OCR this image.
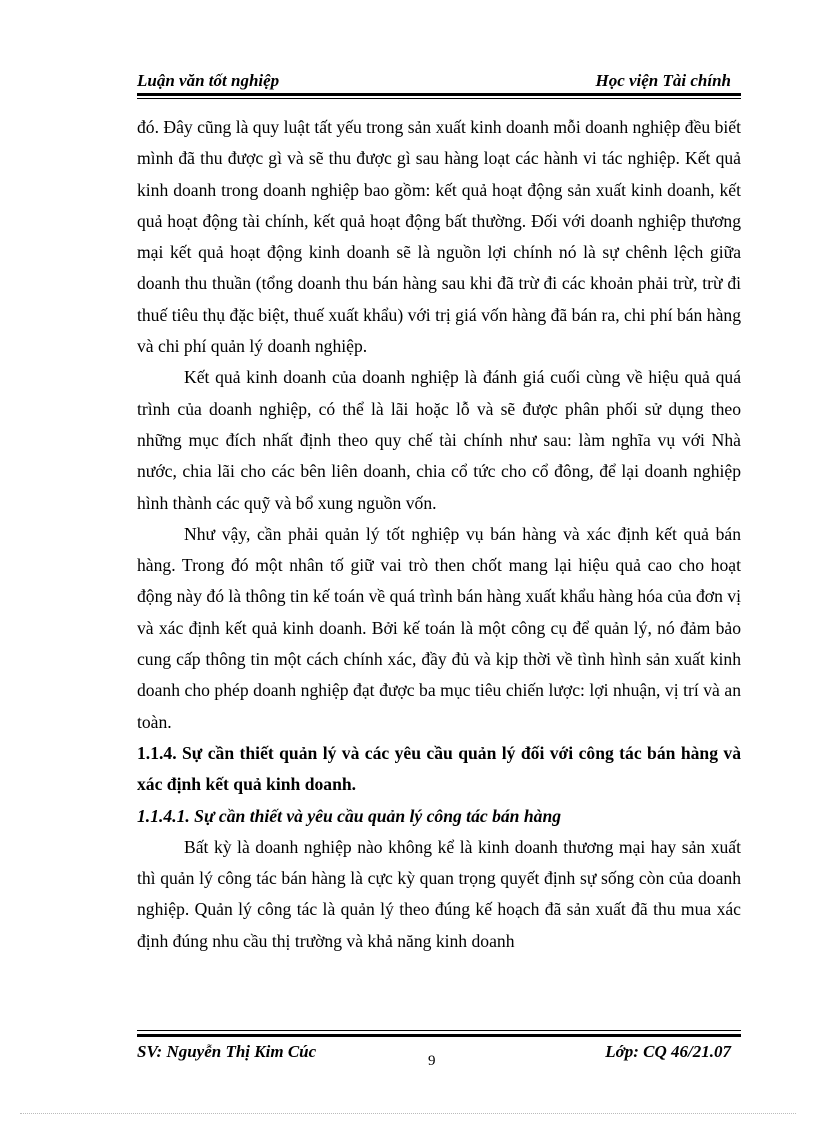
Luận văn tốt nghiệp	Học viện Tài chính

đó. Đây cũng là quy luật tất yếu trong sản xuất kinh doanh mỗi doanh nghiệp đều biết mình đã thu được gì và sẽ thu được gì sau hàng loạt các hành vi tác nghiệp. Kết quả kinh doanh trong doanh nghiệp bao gồm: kết quả hoạt động sản xuất kinh doanh, kết quả hoạt động tài chính, kết quả hoạt động bất thường. Đối với doanh nghiệp thương mại kết quả hoạt động kinh doanh sẽ là nguồn lợi chính nó là sự chênh lệch giữa doanh thu thuần (tổng doanh thu bán hàng sau khi đã trừ đi các khoản phải trừ, trừ đi thuế tiêu thụ đặc biệt, thuế xuất khẩu) với trị giá vốn hàng đã bán ra, chi phí bán hàng và chi phí quản lý doanh nghiệp.

Kết quả kinh doanh của doanh nghiệp là đánh giá cuối cùng về hiệu quả quá trình của doanh nghiệp, có thể là lãi hoặc lỗ và sẽ được phân phối sử dụng theo những mục đích nhất định theo quy chế tài chính như sau: làm nghĩa vụ với Nhà nước, chia lãi cho các bên liên doanh, chia cổ tức cho cổ đông, để lại doanh nghiệp hình thành các quỹ và bổ xung nguồn vốn.

Như vậy, cần phải quản lý tốt nghiệp vụ bán hàng và xác định kết quả bán hàng. Trong đó một nhân tố giữ vai trò then chốt mang lại hiệu quả cao cho hoạt động này đó là thông tin kế toán về quá trình bán hàng xuất khẩu hàng hóa của đơn vị và xác định kết quả kinh doanh. Bởi kế toán là một công cụ để quản lý, nó đảm bảo cung cấp thông tin một cách chính xác, đầy đủ và kịp thời về tình hình sản xuất kinh doanh cho phép doanh nghiệp đạt được ba mục tiêu chiến lược: lợi nhuận, vị trí và an toàn.

1.1.4. Sự cần thiết quản lý và các yêu cầu quản lý đối với công tác bán hàng và xác định kết quả kinh doanh.

1.1.4.1. Sự cần thiết và yêu cầu quản lý công tác bán hàng

Bất kỳ là doanh nghiệp nào không kể là kinh doanh thương mại hay sản xuất thì quản lý công tác bán hàng là cực kỳ quan trọng quyết định sự sống còn của doanh nghiệp. Quản lý công tác là quản lý theo đúng kế hoạch đã sản xuất đã thu mua xác định đúng nhu cầu thị trường và khả năng kinh doanh

SV: Nguyễn Thị Kim Cúc	9	Lớp: CQ 46/21.07
